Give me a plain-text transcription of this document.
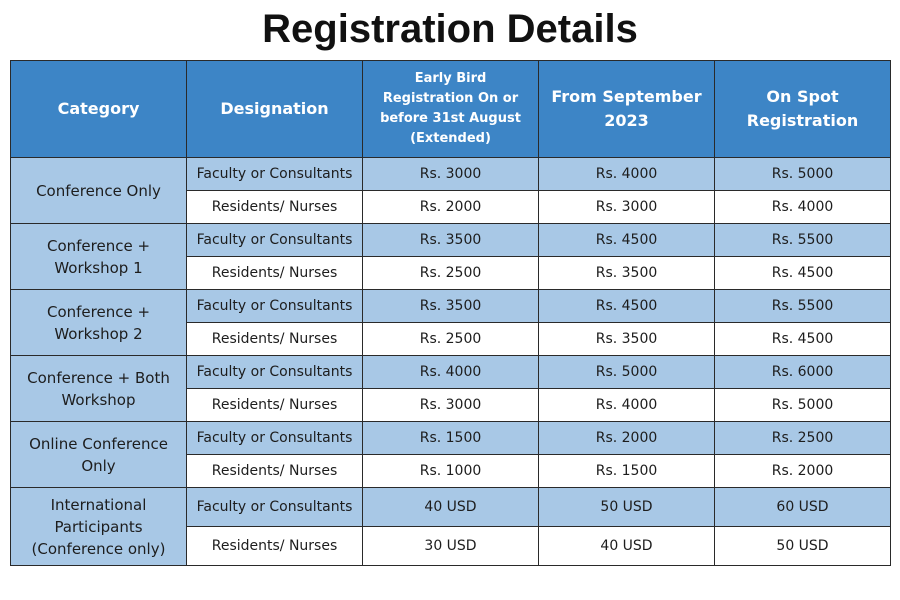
Registration Details
Category	Designation	Early Bird Registration On or before 31st August (Extended)	From September 2023	On Spot Registration
Conference Only	Faculty or Consultants	Rs. 3000	Rs. 4000	Rs. 5000
	Residents/ Nurses	Rs. 2000	Rs. 3000	Rs. 4000
Conference + Workshop 1	Faculty or Consultants	Rs. 3500	Rs. 4500	Rs. 5500
	Residents/ Nurses	Rs. 2500	Rs. 3500	Rs. 4500
Conference + Workshop 2	Faculty or Consultants	Rs. 3500	Rs. 4500	Rs. 5500
	Residents/ Nurses	Rs. 2500	Rs. 3500	Rs. 4500
Conference + Both Workshop	Faculty or Consultants	Rs. 4000	Rs. 5000	Rs. 6000
	Residents/ Nurses	Rs. 3000	Rs. 4000	Rs. 5000
Online Conference Only	Faculty or Consultants	Rs. 1500	Rs. 2000	Rs. 2500
	Residents/ Nurses	Rs. 1000	Rs. 1500	Rs. 2000
International Participants (Conference only)	Faculty or Consultants	40 USD	50 USD	60 USD
	Residents/ Nurses	30 USD	40 USD	50 USD
